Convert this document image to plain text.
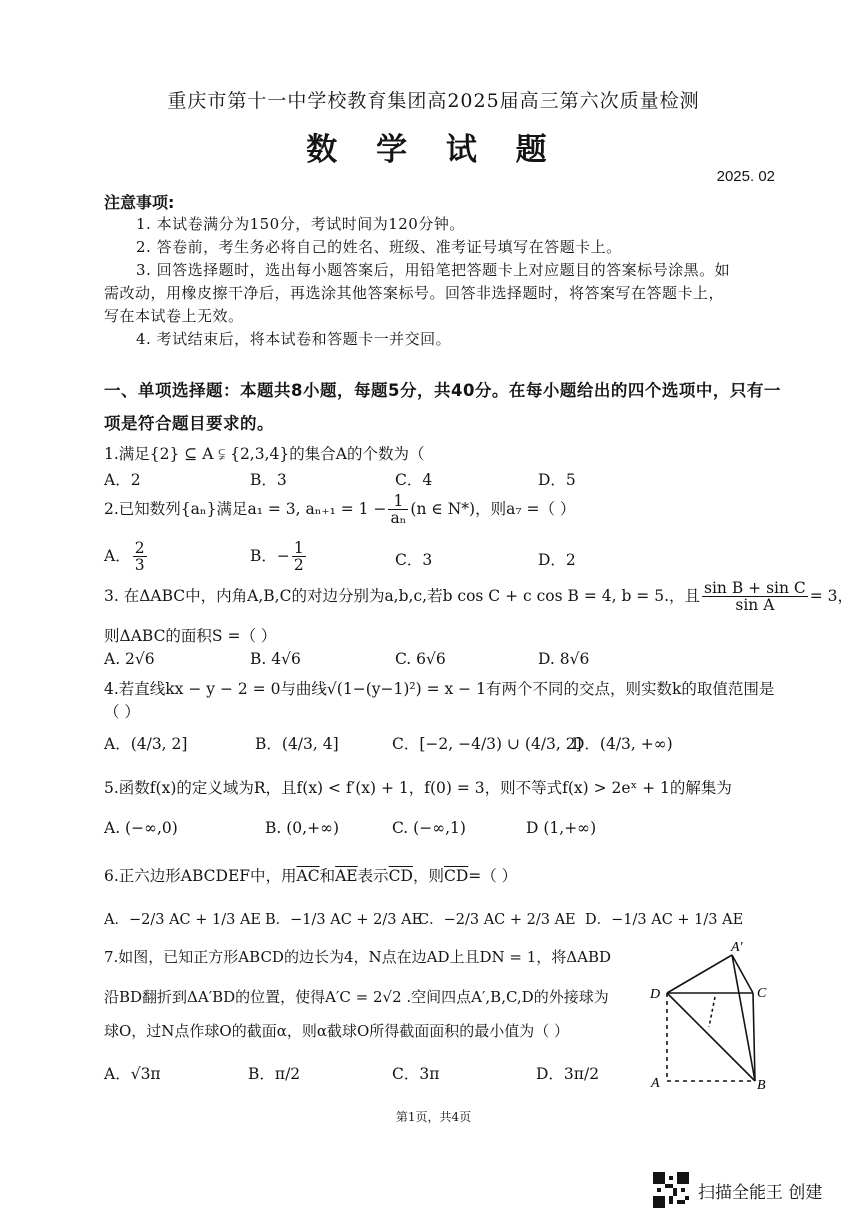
重庆市第十一中学校教育集团高2025届高三第六次质量检测
数 学 试 题
2025. 02
注意事项:
1. 本试卷满分为150分，考试时间为120分钟。
2. 答卷前，考生务必将自己的姓名、班级、准考证号填写在答题卡上。
3. 回答选择题时，选出每小题答案后，用铅笔把答题卡上对应题目的答案标号涂黑。如
需改动，用橡皮擦干净后，再选涂其他答案标号。回答非选择题时，将答案写在答题卡上，
写在本试卷上无效。
4. 考试结束后，将本试卷和答题卡一并交回。
一、单项选择题：本题共8小题，每题5分，共40分。在每小题给出的四个选项中，只有一
项是符合题目要求的。
1.满足{2} ⊆ A ⫋ {2,3,4}的集合A的个数为（
A．2	B．3	C．4	D．5
2.已知数列{aₙ}满足a₁ = 3, $a_{n+1} = 1 - \frac{1}{\text{aₙ}} (n$ ∈ N*)，则a₇ =（ ）
A． $\frac{2}{3}$	B．− $\frac{1}{2}$	C．3	D．2
3. 在ΔABC中，内角A,B,C的对边分别为a,b,c,若b cos C + c cos B = 4, b = 5.，且 $\frac{\text{sin B + sin C}}{\text{sin A}} = 3$，
则ΔABC的面积S =（ ）
A. 2√6	B. 4√6	C. 6√6	D. 8√6
4.若直线kx − y − 2 = 0与曲线√(1−(y−1)²) = x − 1有两个不同的交点，则实数k的取值范围是
（ ）
A．(4/3, 2]	B．(4/3, 4]	C．[−2, −4/3) ∪ (4/3, 2]
D．(4/3, +∞)
5.函数f(x)的定义域为R，且f(x) < f′(x) + 1，f(0) = 3，则不等式f(x) > 2eˣ + 1的解集为
A. (−∞,0)	B. (0,+∞)	C. (−∞,1)	D (1,+∞)
6.正六边形ABCDEF中，用$\overline{AC}$和$\overline{AE}$表示$\overline{CD}$，则$\overline{CD}=$（ ）
A．−2/3 AC + 1/3 AE B．−1/3 AC + 2/3 AE
C．−2/3 AC + 2/3 AE D．−1/3 AC + 1/3 AE
7.如图，已知正方形ABCD的边长为4，N点在边AD上且DN = 1，将ΔABD
沿BD翻折到ΔA′BD的位置，使得A′C = 2√2 .空间四点A′,B,C,D的外接球为
球O，过N点作球O的截面α，则α截球O所得截面面积的最小值为（ ）
A．√3π	B．π/2	C．3π	D．3π/2
A′
D	C
A	B
第1页，共4页
扫描全能王 创建
